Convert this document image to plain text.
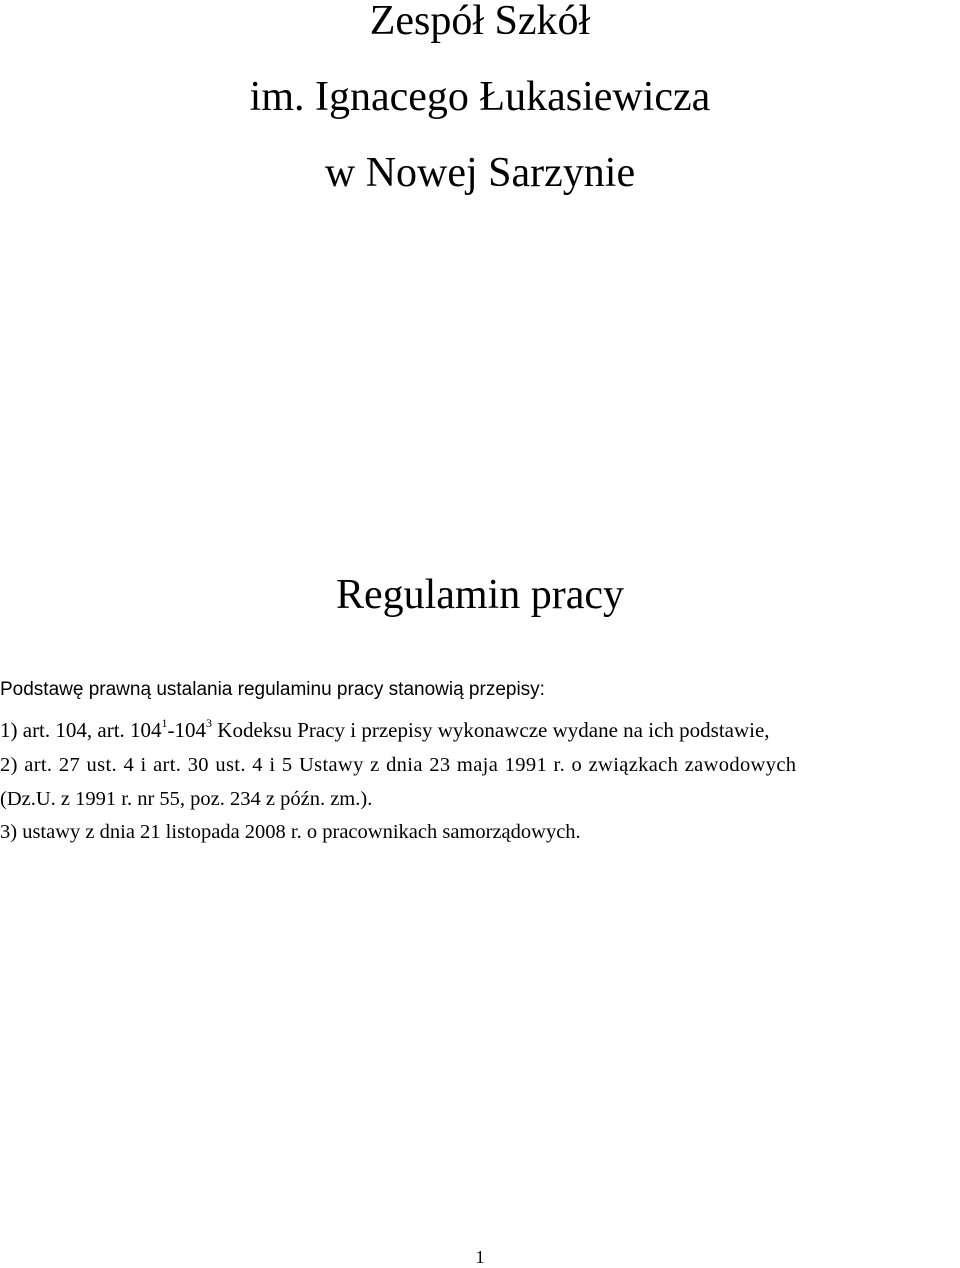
Zespół Szkół
im. Ignacego Łukasiewicza
w Nowej Sarzynie
Regulamin pracy
Podstawę prawną ustalania regulaminu pracy stanowią przepisy:
1) art. 104, art. $104^1-104^3$ Kodeksu Pracy i przepisy wykonawcze wydane na ich podstawie,
2) art. 27 ust. 4 i art. 30 ust. 4 i 5 Ustawy z dnia 23 maja 1991 r. o związkach zawodowych
(Dz.U. z 1991 r. nr 55, poz. 234 z późn. zm.).
3) ustawy z dnia 21 listopada 2008 r. o pracownikach samorządowych.
1
